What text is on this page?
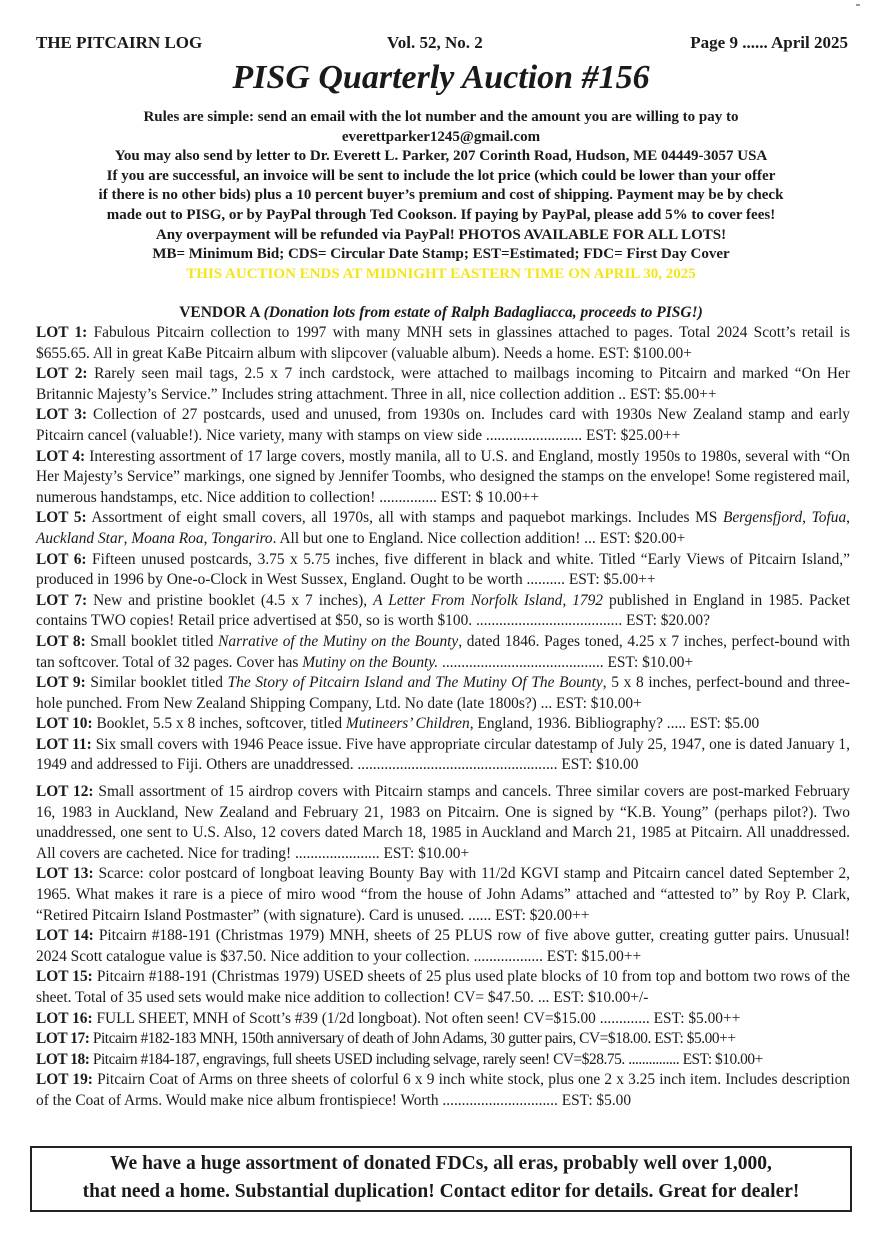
THE PITCAIRN LOG	Vol. 52, No. 2	Page 9 ...... April 2025
PISG Quarterly Auction #156
Rules are simple: send an email with the lot number and the amount you are willing to pay to
everettparker1245@gmail.com
You may also send by letter to Dr. Everett L. Parker, 207 Corinth Road, Hudson, ME 04449-3057 USA
If you are successful, an invoice will be sent to include the lot price (which could be lower than your offer
if there is no other bids) plus a 10 percent buyer’s premium and cost of shipping. Payment may be by check
made out to PISG, or by PayPal through Ted Cookson. If paying by PayPal, please add 5% to cover fees!
Any overpayment will be refunded via PayPal! PHOTOS AVAILABLE FOR ALL LOTS!
MB= Minimum Bid; CDS= Circular Date Stamp; EST=Estimated; FDC= First Day Cover
THIS AUCTION ENDS AT MIDNIGHT EASTERN TIME ON APRIL 30, 2025
VENDOR A (Donation lots from estate of Ralph Badagliacca, proceeds to PISG!)

LOT 1: Fabulous Pitcairn collection to 1997 with many MNH sets in glassines attached to pages. Total 2024 Scott’s retail is $655.65. All in great KaBe Pitcairn album with slipcover (valuable album). Needs a home. EST: $100.00+

LOT 2: Rarely seen mail tags, 2.5 x 7 inch cardstock, were attached to mailbags incoming to Pitcairn and marked “On Her Britannic Majesty’s Service.” Includes string attachment. Three in all, nice collection addition .. EST: $5.00++

LOT 3: Collection of 27 postcards, used and unused, from 1930s on. Includes card with 1930s New Zealand stamp and early Pitcairn cancel (valuable!). Nice variety, many with stamps on view side ......................... EST: $25.00++

LOT 4: Interesting assortment of 17 large covers, mostly manila, all to U.S. and England, mostly 1950s to 1980s, several with “On Her Majesty’s Service” markings, one signed by Jennifer Toombs, who designed the stamps on the envelope! Some registered mail, numerous handstamps, etc. Nice addition to collection! ............... EST: $ 10.00++

LOT 5: Assortment of eight small covers, all 1970s, all with stamps and paquebot markings. Includes MS Bergensfjord, Tofua, Auckland Star, Moana Roa, Tongariro. All but one to England. Nice collection addition! ... EST: $20.00+

LOT 6: Fifteen unused postcards, 3.75 x 5.75 inches, five different in black and white. Titled “Early Views of Pitcairn Island,” produced in 1996 by One-o-Clock in West Sussex, England. Ought to be worth .......... EST: $5.00++

LOT 7: New and pristine booklet (4.5 x 7 inches), A Letter From Norfolk Island, 1792 published in England in 1985. Packet contains TWO copies! Retail price advertised at $50, so is worth $100. ...................................... EST: $20.00?

LOT 8: Small booklet titled Narrative of the Mutiny on the Bounty, dated 1846. Pages toned, 4.25 x 7 inches, perfect-bound with tan softcover. Total of 32 pages. Cover has Mutiny on the Bounty. .......................................... EST: $10.00+

LOT 9: Similar booklet titled The Story of Pitcairn Island and The Mutiny Of The Bounty, 5 x 8 inches, perfect-bound and three-hole punched. From New Zealand Shipping Company, Ltd. No date (late 1800s?) ... EST: $10.00+

LOT 10: Booklet, 5.5 x 8 inches, softcover, titled Mutineers’ Children, England, 1936. Bibliography? ..... EST: $5.00

LOT 11: Six small covers with 1946 Peace issue. Five have appropriate circular datestamp of July 25, 1947, one is dated January 1, 1949 and addressed to Fiji. Others are unaddressed. .................................................... EST: $10.00

LOT 12: Small assortment of 15 airdrop covers with Pitcairn stamps and cancels. Three similar covers are post-marked February 16, 1983 in Auckland, New Zealand and February 21, 1983 on Pitcairn. One is signed by “K.B. Young” (perhaps pilot?). Two unaddressed, one sent to U.S. Also, 12 covers dated March 18, 1985 in Auckland and March 21, 1985 at Pitcairn. All unaddressed. All covers are cacheted. Nice for trading! ...................... EST: $10.00+

LOT 13: Scarce: color postcard of longboat leaving Bounty Bay with 11/2d KGVI stamp and Pitcairn cancel dated September 2, 1965. What makes it rare is a piece of miro wood “from the house of John Adams” attached and “attested to” by Roy P. Clark, “Retired Pitcairn Island Postmaster” (with signature). Card is unused. ...... EST: $20.00++

LOT 14: Pitcairn #188-191 (Christmas 1979) MNH, sheets of 25 PLUS row of five above gutter, creating gutter pairs. Unusual! 2024 Scott catalogue value is $37.50. Nice addition to your collection. .................. EST: $15.00++

LOT 15: Pitcairn #188-191 (Christmas 1979) USED sheets of 25 plus used plate blocks of 10 from top and bottom two rows of the sheet. Total of 35 used sets would make nice addition to collection! CV= $47.50. ... EST: $10.00+/-

LOT 16: FULL SHEET, MNH of Scott’s #39 (1/2d longboat). Not often seen! CV=$15.00 ............. EST: $5.00++

LOT 17: Pitcairn #182-183 MNH, 150th anniversary of death of John Adams, 30 gutter pairs, CV=$18.00. EST: $5.00++

LOT 18: Pitcairn #184-187, engravings, full sheets USED including selvage, rarely seen! CV=$28.75. ............... EST: $10.00+

LOT 19: Pitcairn Coat of Arms on three sheets of colorful 6 x 9 inch white stock, plus one 2 x 3.25 inch item. Includes description of the Coat of Arms. Would make nice album frontispiece! Worth .............................. EST: $5.00

We have a huge assortment of donated FDCs, all eras, probably well over 1,000,
that need a home. Substantial duplication! Contact editor for details. Great for dealer!
